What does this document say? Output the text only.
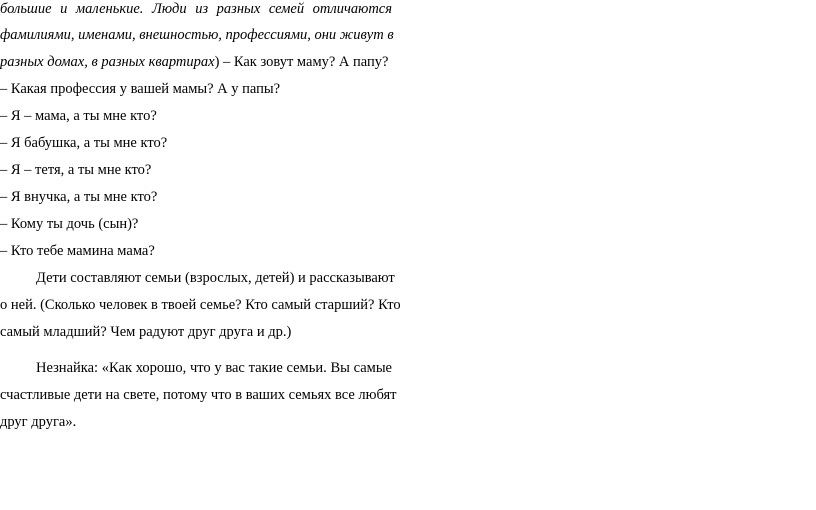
большие и маленькие. Люди из разных семей отличаются
фамилиями, именами, внешностью, профессиями, они живут в
разных домах, в разных квартирах) – Как зовут маму? А папу?
– Какая профессия у вашей мамы? А у папы?
– Я – мама, а ты мне кто?
– Я бабушка, а ты мне кто?
– Я – тетя, а ты мне кто?
– Я внучка, а ты мне кто?
– Кому ты дочь (сын)?
– Кто тебе мамина мама?
Дети составляют семьи (взрослых, детей) и рассказывают
о ней. (Сколько человек в твоей семье? Кто самый старший? Кто
самый младший? Чем радуют друг друга и др.)
Незнайка: «Как хорошо, что у вас такие семьи. Вы самые
счастливые дети на свете, потому что в ваших семьях все любят
друг друга».
